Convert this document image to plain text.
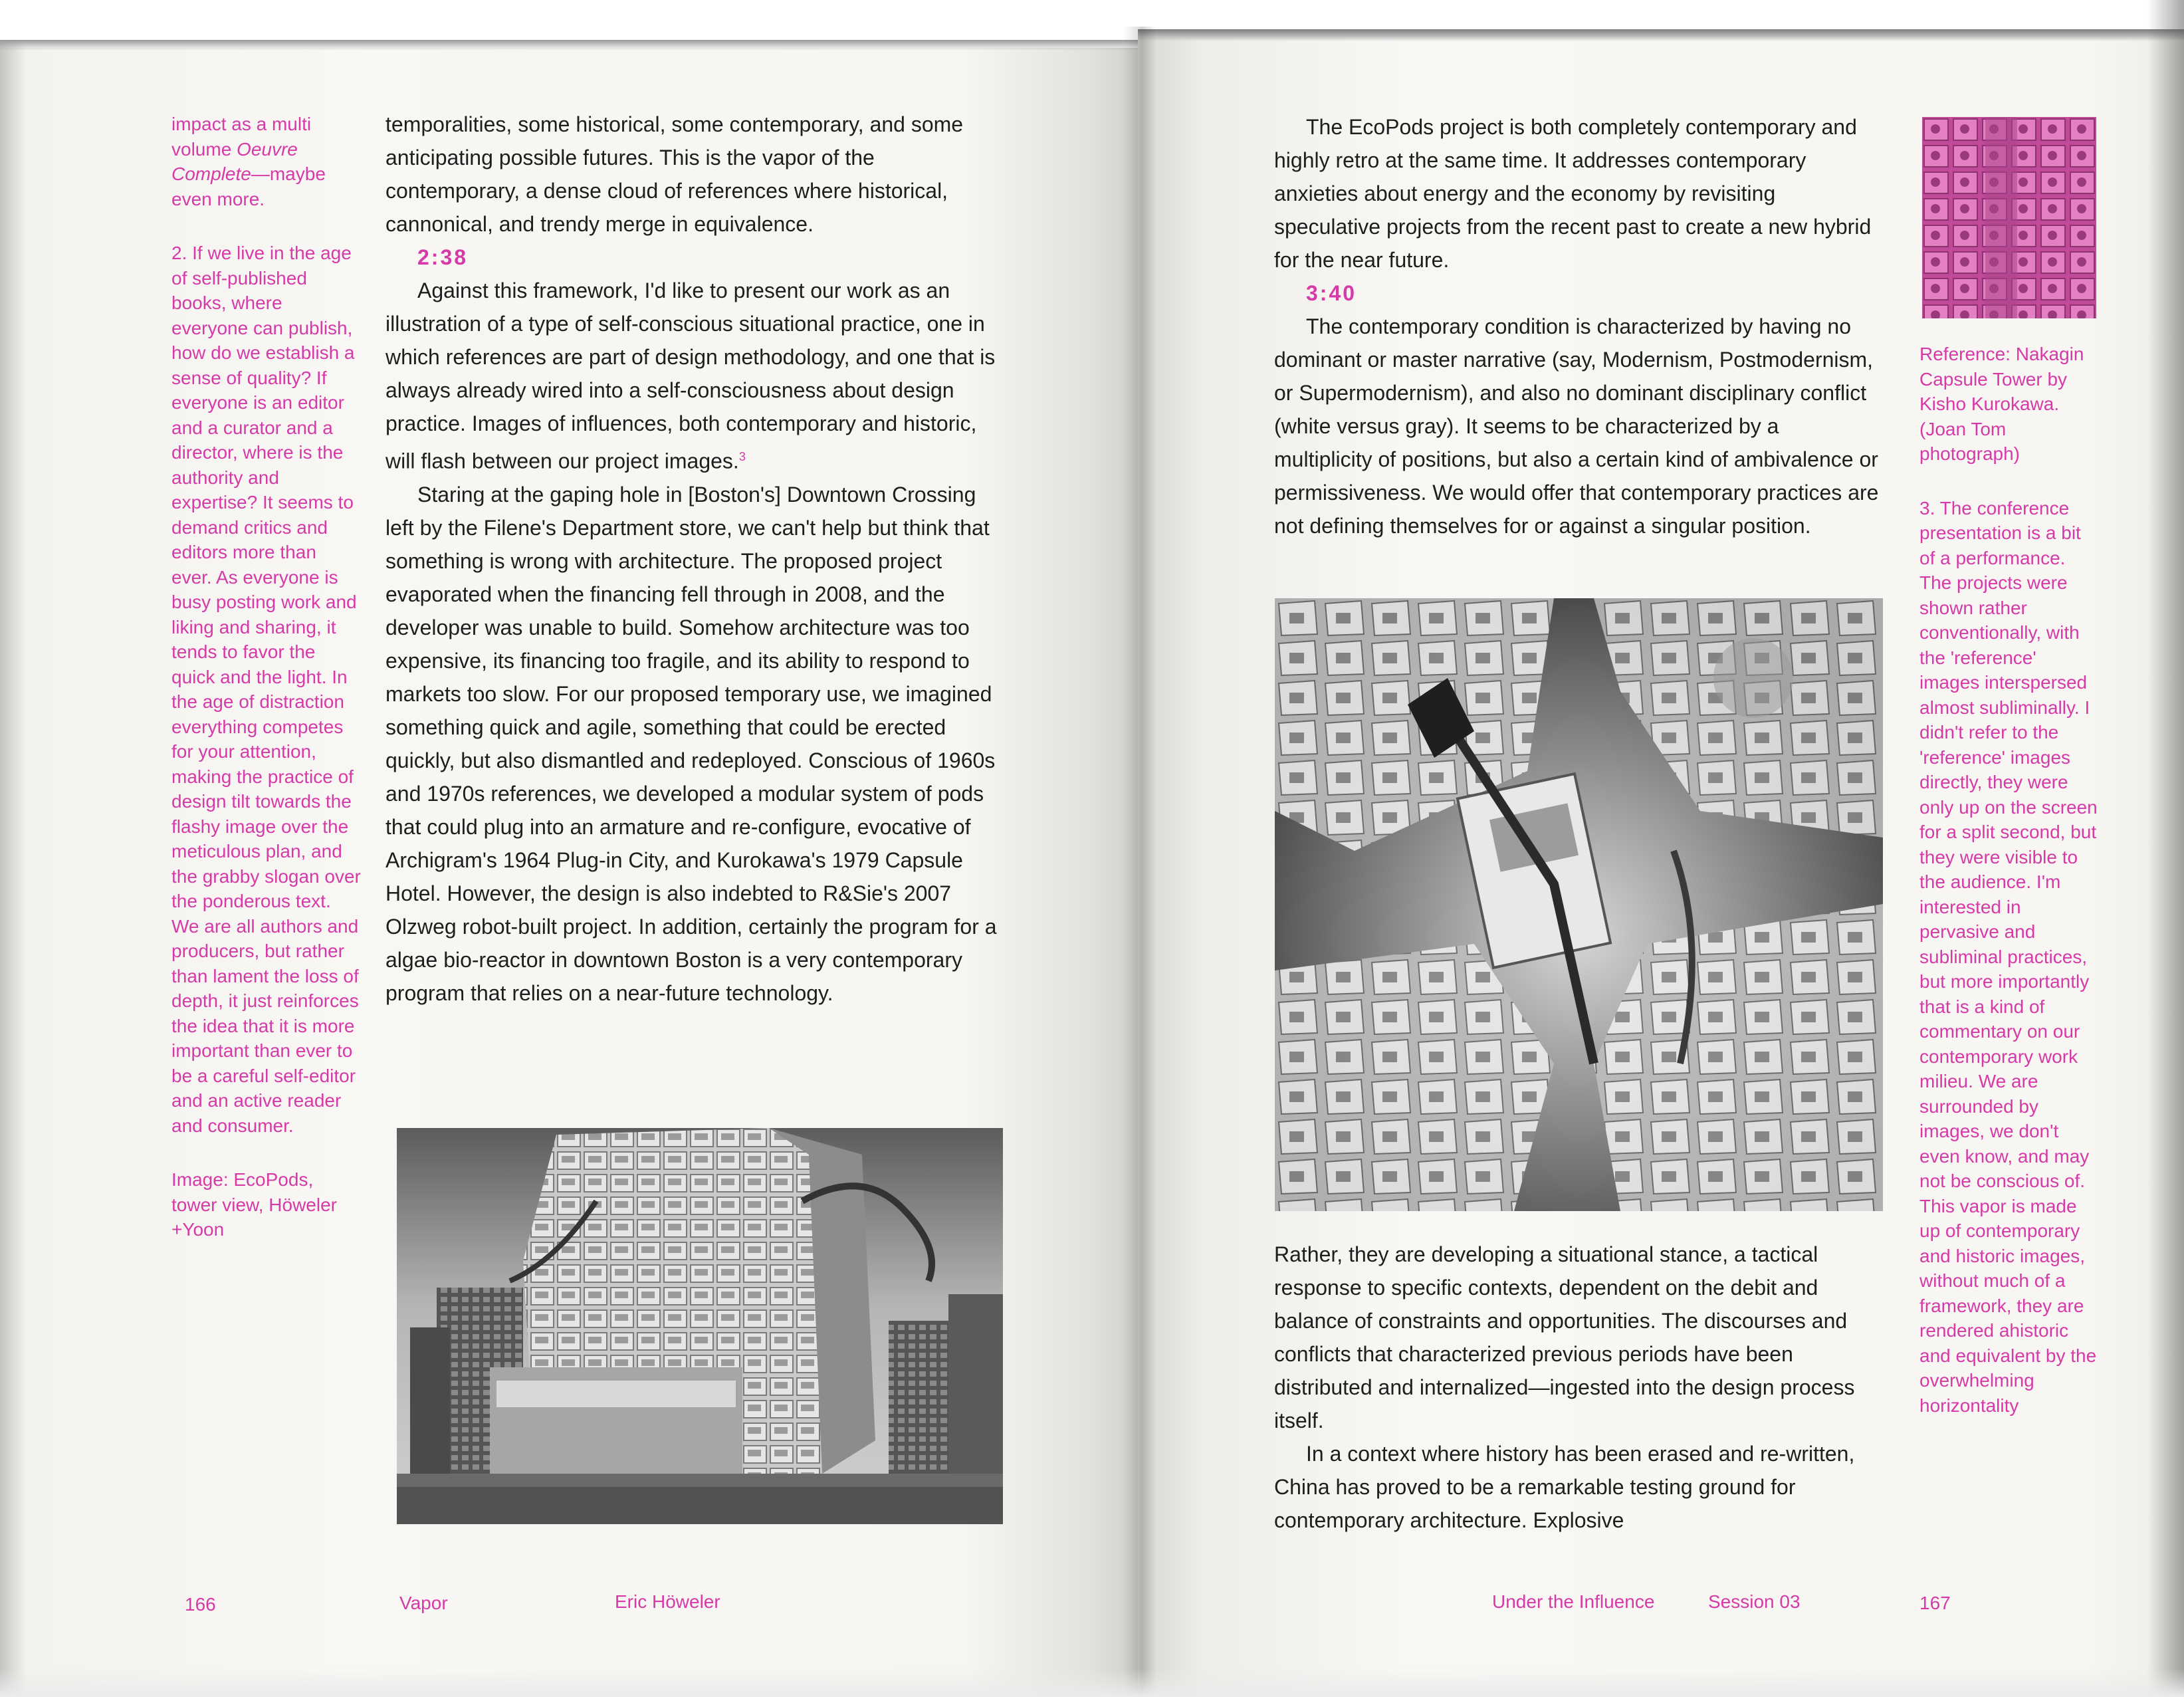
impact as a multi volume Oeuvre Complete—maybe even more.

2. If we live in the age of self-published books, where everyone can publish, how do we establish a sense of quality? If everyone is an editor and a curator and a director, where is the authority and expertise? It seems to demand critics and editors more than ever. As everyone is busy posting work and liking and sharing, it tends to favor the quick and the light. In the age of distraction everything competes for your attention, making the practice of design tilt towards the flashy image over the meticulous plan, and the grabby slogan over the ponderous text. We are all authors and producers, but rather than lament the loss of depth, it just reinforces the idea that it is more important than ever to be a careful self-editor and an active reader and consumer.

Image: EcoPods, tower view, Höweler +Yoon

temporalities, some historical, some contemporary, and some anticipating possible futures. This is the vapor of the contemporary, a dense cloud of references where historical, cannonical, and trendy merge in equivalence.

2:38

Against this framework, I'd like to present our work as an illustration of a type of self-conscious situational practice, one in which references are part of design methodology, and one that is always already wired into a self-consciousness about design practice. Images of influences, both contemporary and historic, will flash between our project images.$^3$

Staring at the gaping hole in [Boston's] Downtown Crossing left by the Filene's Department store, we can't help but think that something is wrong with architecture. The proposed project evaporated when the financing fell through in 2008, and the developer was unable to build. Somehow architecture was too expensive, its financing too fragile, and its ability to respond to markets too slow. For our proposed temporary use, we imagined something quick and agile, something that could be erected quickly, but also dismantled and redeployed. Conscious of 1960s and 1970s references, we developed a modular system of pods that could plug into an armature and re-configure, evocative of Archigram's 1964 Plug-in City, and Kurokawa's 1979 Capsule Hotel. However, the design is also indebted to R&Sie's 2007 Olzweg robot-built project. In addition, certainly the program for a algae bio-reactor in downtown Boston is a very contemporary program that relies on a near-future technology.

The EcoPods project is both completely contemporary and highly retro at the same time. It addresses contemporary anxieties about energy and the economy by revisiting speculative projects from the recent past to create a new hybrid for the near future.

3:40

The contemporary condition is characterized by having no dominant or master narrative (say, Modernism, Postmodernism, or Supermodernism), and also no dominant disciplinary conflict (white versus gray). It seems to be characterized by a multiplicity of positions, but also a certain kind of ambivalence or permissiveness. We would offer that contemporary practices are not defining themselves for or against a singular position.

Rather, they are developing a situational stance, a tactical response to specific contexts, dependent on the debit and balance of constraints and opportunities. The discourses and conflicts that characterized previous periods have been distributed and internalized—ingested into the design process itself.

In a context where history has been erased and re-written, China has proved to be a remarkable testing ground for contemporary architecture. Explosive

Reference: Nakagin Capsule Tower by Kisho Kurokawa. (Joan Tom photograph)

3. The conference presentation is a bit of a performance. The projects were shown rather conventionally, with the 'reference' images interspersed almost subliminally. I didn't refer to the 'reference' images directly, they were only up on the screen for a split second, but they were visible to the audience. I'm interested in pervasive and subliminal practices, but more importantly that is a kind of commentary on our contemporary work milieu. We are surrounded by images, we don't even know, and may not be conscious of. This vapor is made up of contemporary and historic images, without much of a framework, they are rendered ahistoric and equivalent by the overwhelming horizontality

166	Vapor	Eric Höweler	Under the Influence	Session 03	167
